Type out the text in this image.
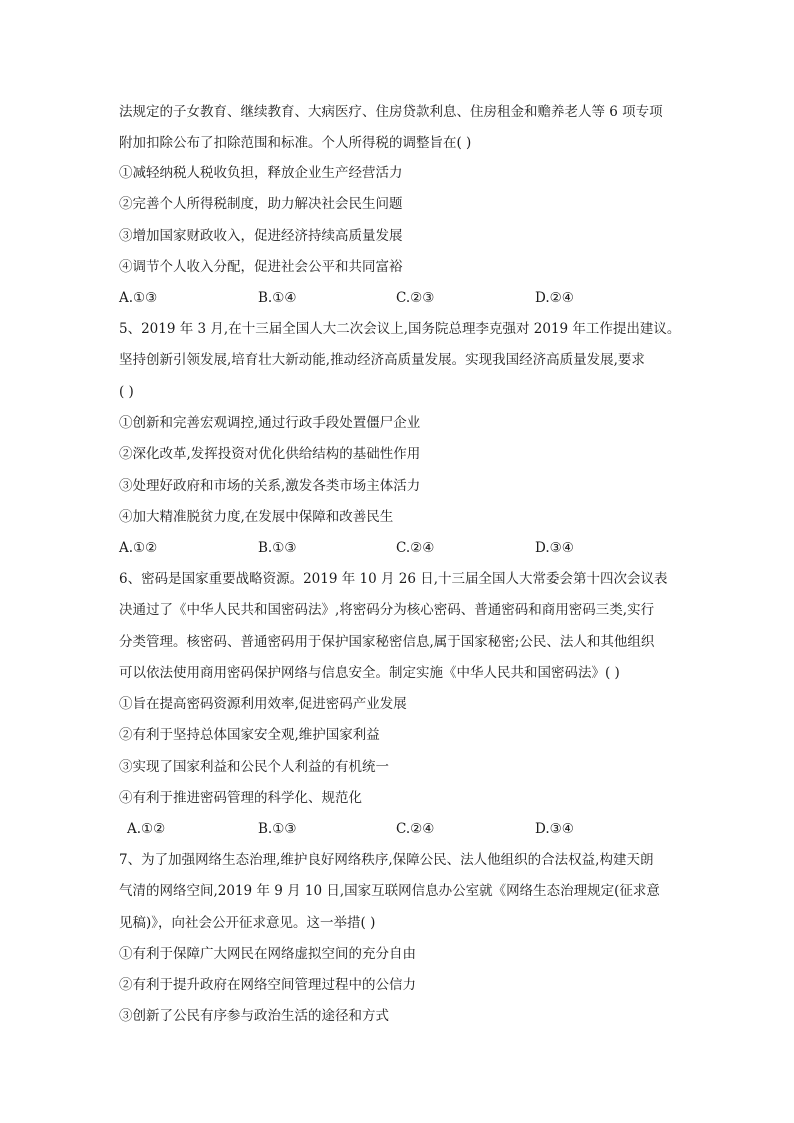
法规定的子女教育、继续教育、大病医疗、住房贷款利息、住房租金和赡养老人等 6 项专项
附加扣除公布了扣除范围和标准。个人所得税的调整旨在( )
①减轻纳税人税收负担，释放企业生产经营活力
②完善个人所得税制度，助力解决社会民生问题
③增加国家财政收入，促进经济持续高质量发展
④调节个人收入分配，促进社会公平和共同富裕
A.①③	B.①④	C.②③	D.②④
5、2019 年 3 月,在十三届全国人大二次会议上,国务院总理李克强对 2019 年工作提出建议。
坚持创新引领发展,培育壮大新动能,推动经济高质量发展。实现我国经济高质量发展,要求
( )
①创新和完善宏观调控,通过行政手段处置僵尸企业
②深化改革,发挥投资对优化供给结构的基础性作用
③处理好政府和市场的关系,激发各类市场主体活力
④加大精准脱贫力度,在发展中保障和改善民生
A.①②	B.①③	C.②④	D.③④
6、密码是国家重要战略资源。2019 年 10 月 26 日,十三届全国人大常委会第十四次会议表
决通过了《中华人民共和国密码法》,将密码分为核心密码、普通密码和商用密码三类,实行
分类管理。核密码、普通密码用于保护国家秘密信息,属于国家秘密;公民、法人和其他组织
可以依法使用商用密码保护网络与信息安全。制定实施《中华人民共和国密码法》( )
①旨在提高密码资源利用效率,促进密码产业发展
②有利于坚持总体国家安全观,维护国家利益
③实现了国家利益和公民个人利益的有机统一
④有利于推进密码管理的科学化、规范化
A.①②	B.①③	C.②④	D.③④
7、为了加强网络生态治理,维护良好网络秩序,保障公民、法人他组织的合法权益,构建天朗
气清的网络空间,2019 年 9 月 10 日,国家互联网信息办公室就《网络生态治理规定(征求意
见稿)》，向社会公开征求意见。这一举措( )
①有利于保障广大网民在网络虚拟空间的充分自由
②有利于提升政府在网络空间管理过程中的公信力
③创新了公民有序参与政治生活的途径和方式
